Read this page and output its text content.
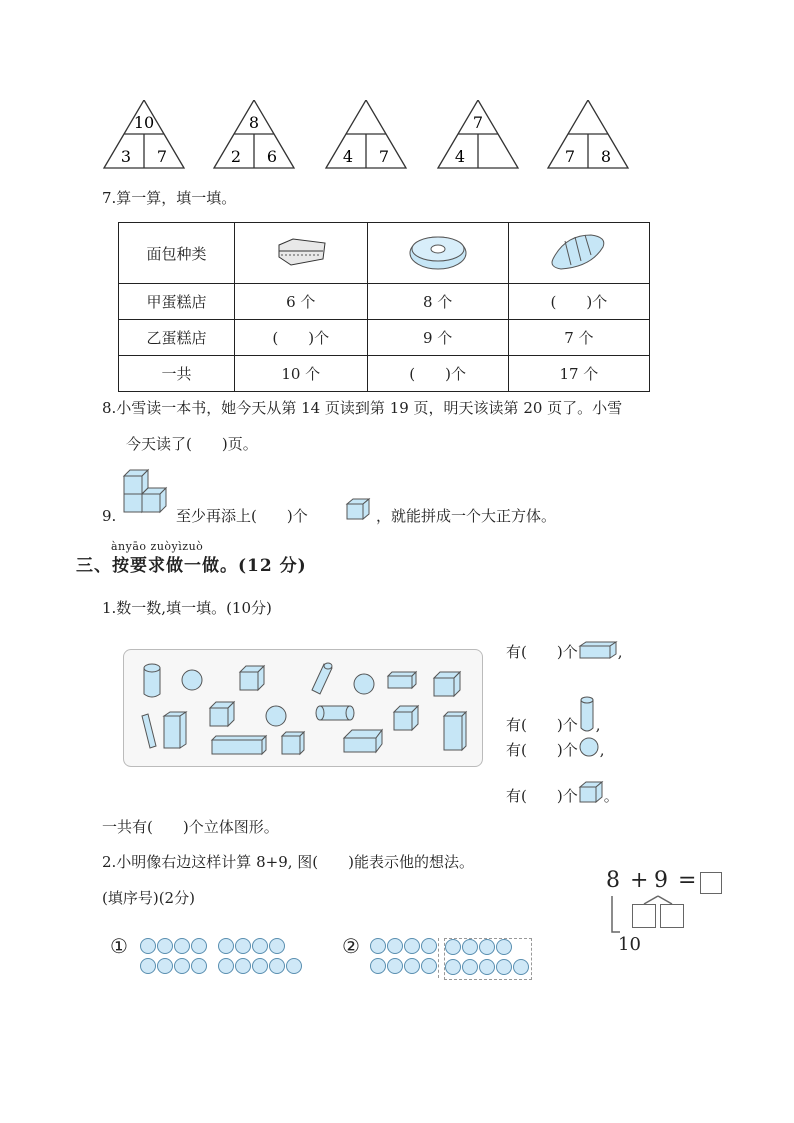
10
3 7
8
2 6	4 7
7
4	7 8
7.算一算，填一填。
面包种类			
甲蛋糕店	6 个	8 个	(　　)个
乙蛋糕店	(　　)个	9 个	7 个
一共	10 个	(　　)个	17 个
8.小雪读一本书，她今天从第 14 页读到第 19 页，明天该读第 20 页了。小雪
今天读了(　　)页。
9.	至少再添上(　　)个	，就能拼成一个大正方体。
ànyāo zuòyìzuò
三、按要求做一做。(12 分)
1.数一数,填一填。(10分)
有(　　)个	,
有(　　)个 ,
有(　　)个 ,
有(　　)个 。
一共有(　　)个立体图形。
2.小明像右边这样计算 8+9, 图(　　)能表示他的想法。
(填序号)(2分)
8 + 9 =
10
①	②
